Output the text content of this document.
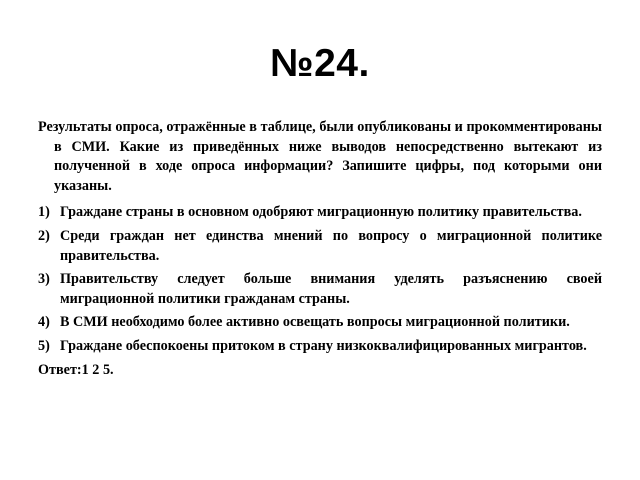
№24.

Результаты опроса, отражённые в таблице, были опубликованы и прокомментированы в СМИ. Какие из приведённых ниже выводов непосредственно вытекают из полученной в ходе опроса информации? Запишите цифры, под которыми они указаны.

1) Граждане страны в основном одобряют миграционную политику правительства.
2) Среди граждан нет единства мнений по вопросу о миграционной политике правительства.
3) Правительству следует больше внимания уделять разъяснению своей миграционной политики гражданам страны.
4) В СМИ необходимо более активно освещать вопросы миграционной политики.
5) Граждане обеспокоены притоком в страну низкоквалифицированных мигрантов.
Ответ:1 2 5.
